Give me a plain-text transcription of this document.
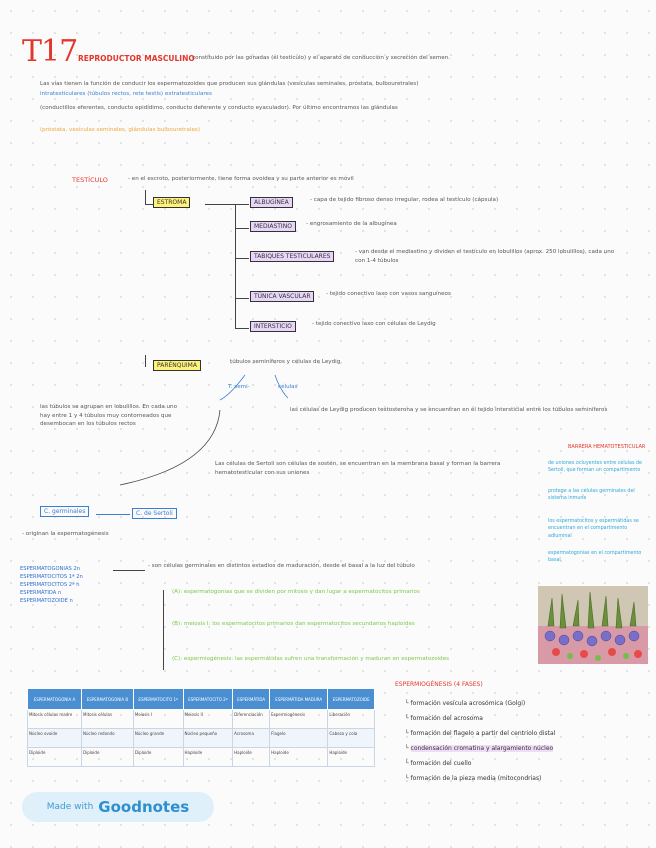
T17 REPRODUCTOR MASCULINO
constituido por las gónadas (el testículo) y el aparato de conducción y secreción del semen.
Las vías tienen la función de conducir los espermatozoides que producen sus glándulas (vesículas seminales, próstata, bulbouretrales)
intratesticulares (túbulos rectos, rete testis) extratesticulares
(conductillos eferentes, conducto epidídimo, conducto deferente y conducto eyaculador). Por último encontramos las glándulas
(próstata, vesículas seminales, glándulas bulbouretrales)
TESTÍCULO	- en el escroto, posteriormente, tiene forma ovoidea y su parte anterior es móvil
ESTROMA	ALBUGÍNEA	- capa de tejido fibroso denso irregular, rodea al testículo (cápsula)
MEDIASTINO	- engrosamiento de la albugínea
TABIQUES TESTICULARES
- van desde el mediastino y dividen el testículo en lobulillos (aprox. 250 lobulillos), cada uno con 1-4 túbulos
TÚNICA VASCULAR	- tejido conectivo laxo con vasos sanguíneos
INTERSTICIO	- tejido conectivo laxo con células de Leydig
PARÉNQUIMA	túbulos seminíferos y células de Leydig
T. semi-	células
las túbulos se agrupan en lobulillos. En cada uno hay entre 1 y 4 túbulos muy contorneados que desembocan en los túbulos rectos
las células de Leydig producen testosterona y se encuentran en el tejido intersticial entre los túbulos seminíferos
Las células de Sertoli son células de sostén, se encuentran en la membrana basal y forman la barrera hematotesticular con sus uniones
C. germinales	C. de Sertoli
- originan la espermatogénesis
BARRERA HEMATOTESTICULAR
de uniones ocluyentes entre células de Sertoli, que forman un compartimento
protege a las células germinales del sistema inmune
los espermatocitos y espermátidas se encuentran en el compartimento adluminal
espermatogonias en el compartimento basal
ESPERMATOGONIAS 2n
ESPERMATOCITOS 1ª 2n
ESPERMATOCITOS 2ª n
ESPERMÁTIDA n
ESPERMATOZOIDE n
- son células germinales en distintos estadios de maduración, desde el basal a la luz del túbulo
(A): espermatogonias que se dividen por mitosis y dan lugar a espermatocitos primarios
(B): meiosis I: los espermatocitos primarios dan espermatocitos secundarios haploides
(C): espermiogénesis: las espermátidas sufren una transformación y maduran en espermatozoides
ESPERMATOGONIA A	ESPERMATOGONIA B	ESPERMATOCITO 1º	ESPERMATOCITO 2º	ESPERMÁTIDA	ESPERMÁTIDA MADURA	ESPERMATOZOIDE
Mitosis células madre	Mitosis células	Meiosis I	Meiosis II	Diferenciación	Espermiogénesis	Liberación
Núcleo ovoide	Núcleo redondo	Núcleo grande	Núcleo pequeño	Acrosoma	Flagelo	Cabeza y cola
Diploide	Diploide	Diploide	Haploide	Haploide	Haploide	Haploide
ESPERMIOGÉNESIS (4 FASES)
└ formación vesícula acrosómica (Golgi)
└ formación del acrosoma
└ formación del flagelo a partir del centriolo distal
└ condensación cromatina y alargamiento núcleo
└ formación del cuello
└ formación de la pieza media (mitocondrias)
Made with Goodnotes
